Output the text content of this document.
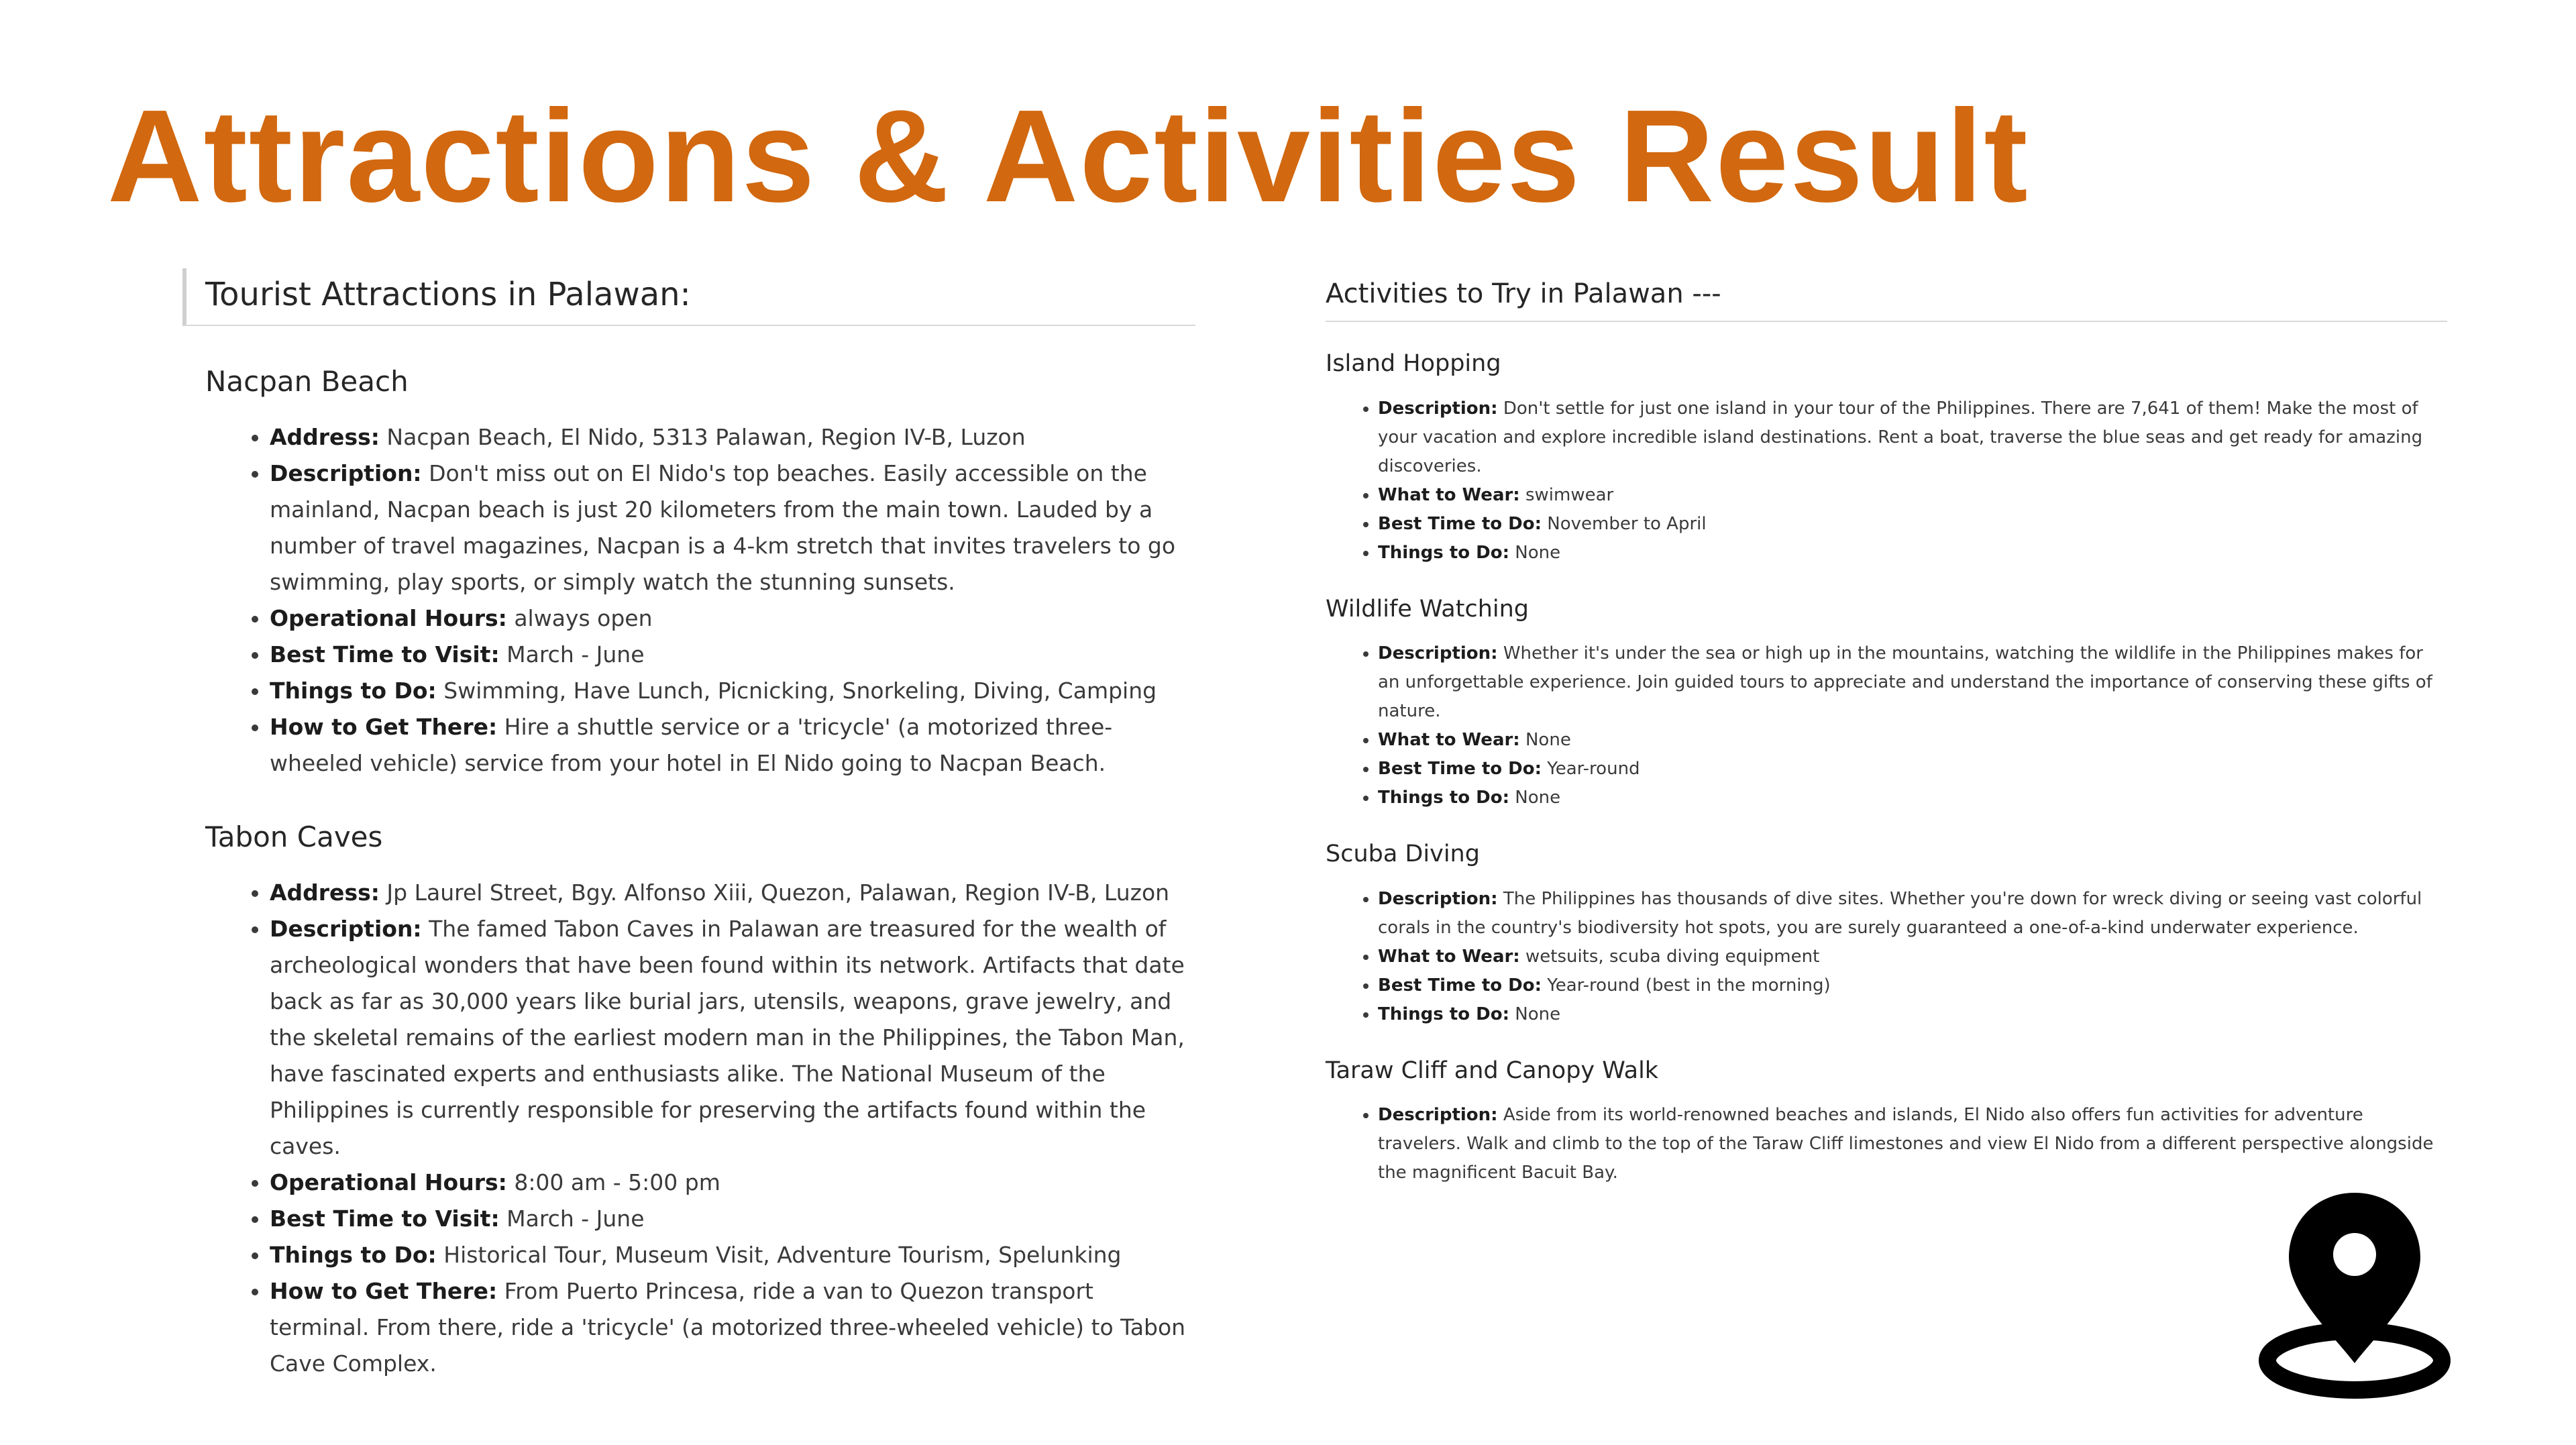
Attractions & Activities Result
Tourist Attractions in Palawan:
Nacpan Beach
• Address: Nacpan Beach, El Nido, 5313 Palawan, Region IV-B, Luzon
• Description: Don't miss out on El Nido's top beaches. Easily accessible on the mainland, Nacpan beach is just 20 kilometers from the main town. Lauded by a number of travel magazines, Nacpan is a 4-km stretch that invites travelers to go swimming, play sports, or simply watch the stunning sunsets.
• Operational Hours: always open
• Best Time to Visit: March - June
• Things to Do: Swimming, Have Lunch, Picnicking, Snorkeling, Diving, Camping
• How to Get There: Hire a shuttle service or a 'tricycle' (a motorized three-wheeled vehicle) service from your hotel in El Nido going to Nacpan Beach.
Tabon Caves
• Address: Jp Laurel Street, Bgy. Alfonso Xiii, Quezon, Palawan, Region IV-B, Luzon
• Description: The famed Tabon Caves in Palawan are treasured for the wealth of archeological wonders that have been found within its network. Artifacts that date back as far as 30,000 years like burial jars, utensils, weapons, grave jewelry, and the skeletal remains of the earliest modern man in the Philippines, the Tabon Man, have fascinated experts and enthusiasts alike. The National Museum of the Philippines is currently responsible for preserving the artifacts found within the caves.
• Operational Hours: 8:00 am - 5:00 pm
• Best Time to Visit: March - June
• Things to Do: Historical Tour, Museum Visit, Adventure Tourism, Spelunking
• How to Get There: From Puerto Princesa, ride a van to Quezon transport terminal. From there, ride a 'tricycle' (a motorized three-wheeled vehicle) to Tabon Cave Complex.
Activities to Try in Palawan ---
Island Hopping
• Description: Don't settle for just one island in your tour of the Philippines. There are 7,641 of them! Make the most of your vacation and explore incredible island destinations. Rent a boat, traverse the blue seas and get ready for amazing discoveries.
• What to Wear: swimwear
• Best Time to Do: November to April
• Things to Do: None
Wildlife Watching
• Description: Whether it's under the sea or high up in the mountains, watching the wildlife in the Philippines makes for an unforgettable experience. Join guided tours to appreciate and understand the importance of conserving these gifts of nature.
• What to Wear: None
• Best Time to Do: Year-round
• Things to Do: None
Scuba Diving
• Description: The Philippines has thousands of dive sites. Whether you're down for wreck diving or seeing vast colorful corals in the country's biodiversity hot spots, you are surely guaranteed a one-of-a-kind underwater experience.
• What to Wear: wetsuits, scuba diving equipment
• Best Time to Do: Year-round (best in the morning)
• Things to Do: None
Taraw Cliff and Canopy Walk
• Description: Aside from its world-renowned beaches and islands, El Nido also offers fun activities for adventure travelers. Walk and climb to the top of the Taraw Cliff limestones and view El Nido from a different perspective alongside the magnificent Bacuit Bay.
